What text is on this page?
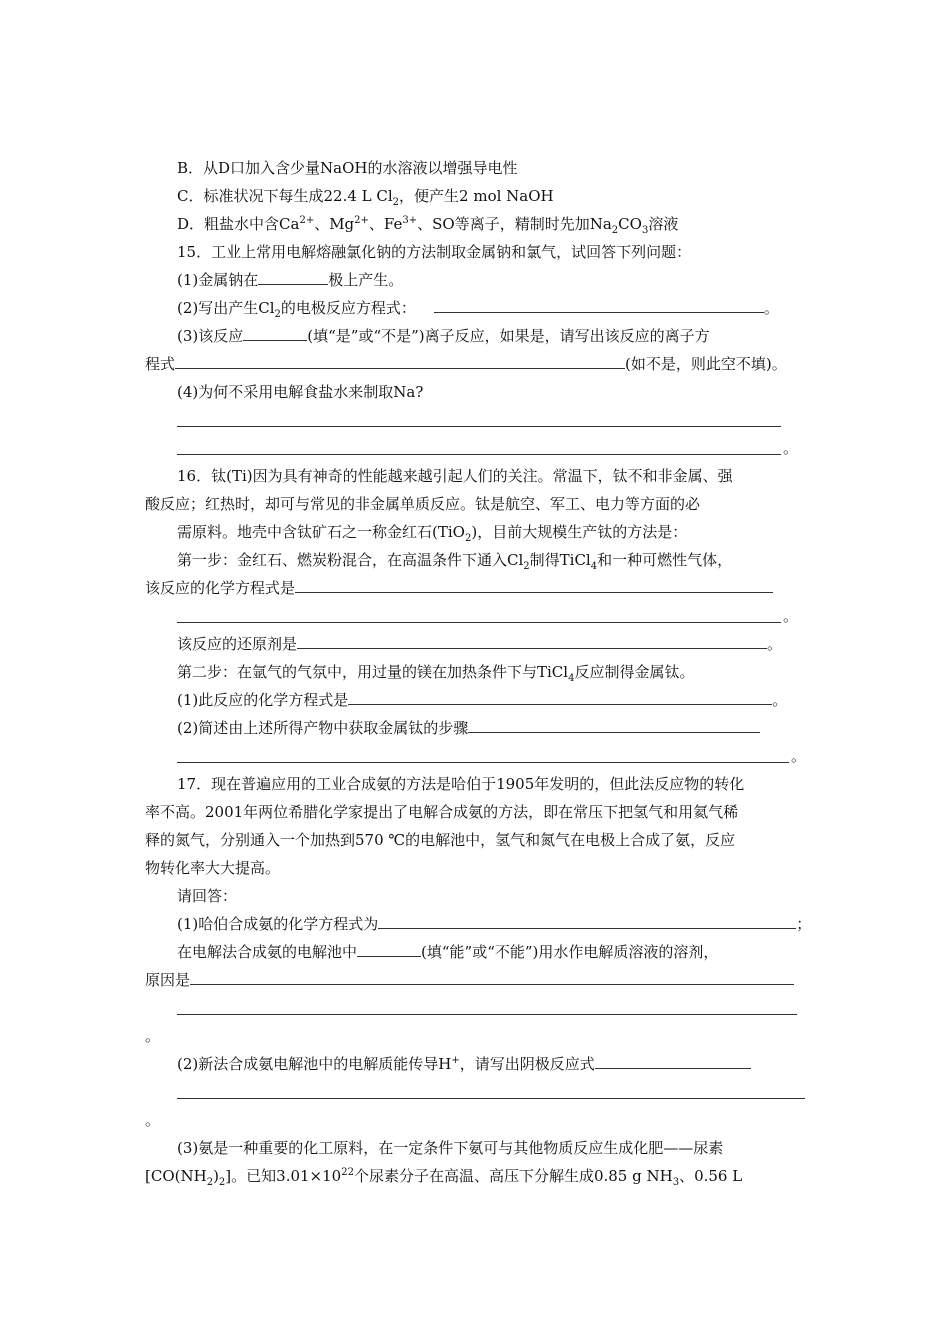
B．从D口加入含少量NaOH的水溶液以增强导电性
C．标准状况下每生成22.4 L $Cl_2$，便产生2 mol NaOH
D．粗盐水中含$Ca^{2+}$、$Mg^{2+}$、$Fe^{3+}$、SO等离子，精制时先加$Na_2CO_3$溶液
15．工业上常用电解熔融氯化钠的方法制取金属钠和氯气，试回答下列问题：
(1)金属钠在	极上产生。
(2)写出产生$Cl_2$的电极反应方程式：	。
(3)该反应	(填“是”或“不是”)离子反应，如果是，请写出该反应的离子方
程式	(如不是，则此空不填)。
(4)为何不采用电解食盐水来制取Na?
。
16．钛(Ti)因为具有神奇的性能越来越引起人们的关注。常温下，钛不和非金属、强
酸反应；红热时，却可与常见的非金属单质反应。钛是航空、军工、电力等方面的必
需原料。地壳中含钛矿石之一称金红石(TiO$_2$)，目前大规模生产钛的方法是：
第一步：金红石、燃炭粉混合，在高温条件下通入$Cl_2$制得TiCl$_4$和一种可燃性气体，
该反应的化学方程式是
。
该反应的还原剂是	。
第二步：在氩气的气氛中，用过量的镁在加热条件下与TiCl$_4$反应制得金属钛。
(1)此反应的化学方程式是	。
(2)简述由上述所得产物中获取金属钛的步骤
。
17．现在普遍应用的工业合成氨的方法是哈伯于1905年发明的，但此法反应物的转化
率不高。2001年两位希腊化学家提出了电解合成氨的方法，即在常压下把氢气和用氦气稀
释的氮气，分别通入一个加热到570 ℃的电解池中，氢气和氮气在电极上合成了氨，反应
物转化率大大提高。
请回答：
(1)哈伯合成氨的化学方程式为	；
在电解法合成氨的电解池中	(填“能”或“不能”)用水作电解质溶液的溶剂，
原因是
。
(2)新法合成氨电解池中的电解质能传导H+，请写出阴极反应式
。
(3)氨是一种重要的化工原料，在一定条件下氨可与其他物质反应生成化肥——尿素
$[CO(NH_2)_2]$。已知$3.01\times 10^{22}$个尿素分子在高温、高压下分解生成0.85 g $NH_3$、0.56 L
